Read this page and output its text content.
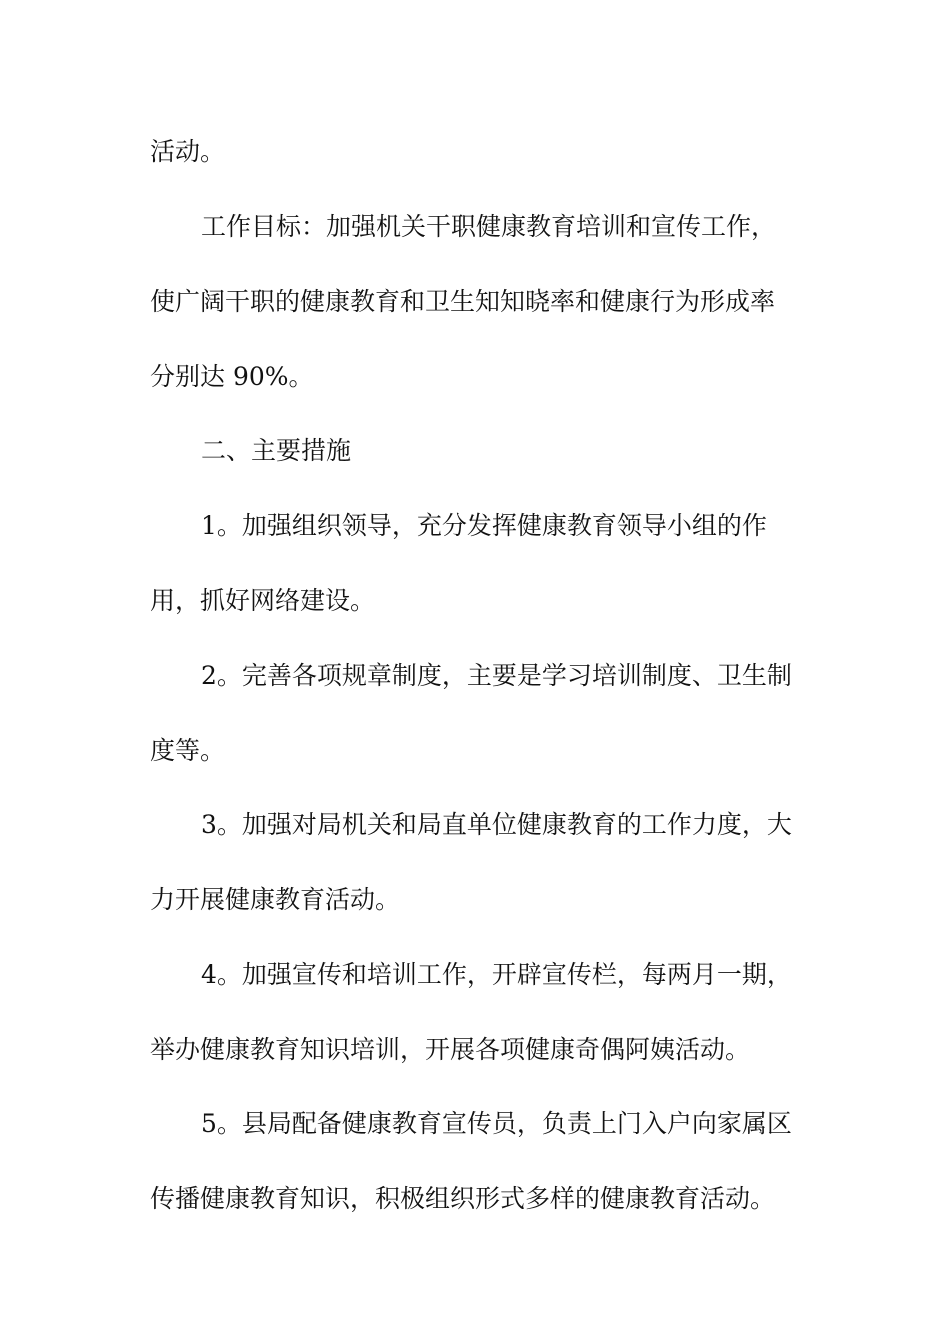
活动。
工作目标：加强机关干职健康教育培训和宣传工作，
使广阔干职的健康教育和卫生知知晓率和健康行为形成率
分别达 90%。
二、主要措施
1。加强组织领导，充分发挥健康教育领导小组的作
用，抓好网络建设。
2。完善各项规章制度，主要是学习培训制度、卫生制
度等。
3。加强对局机关和局直单位健康教育的工作力度，大
力开展健康教育活动。
4。加强宣传和培训工作，开辟宣传栏，每两月一期，
举办健康教育知识培训，开展各项健康奇偶阿姨活动。
5。县局配备健康教育宣传员，负责上门入户向家属区
传播健康教育知识，积极组织形式多样的健康教育活动。
